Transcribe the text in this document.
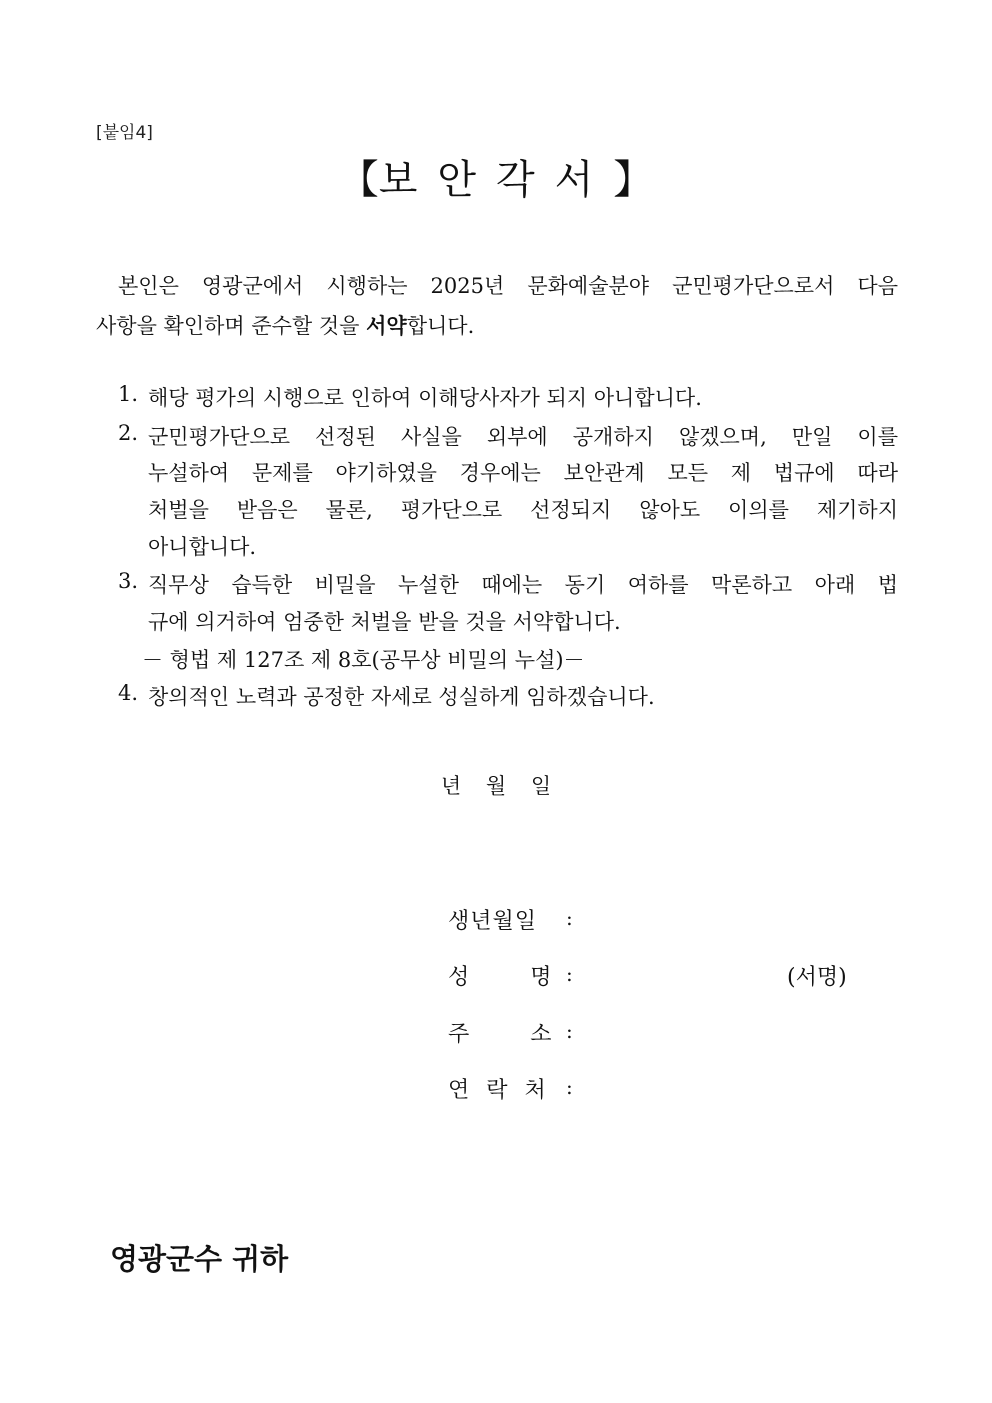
[붙임4]
【보안각서】
본인은 영광군에서 시행하는 2025년 문화예술분야 군민평가단으로서 다음
사항을 확인하며 준수할 것을 서약합니다.
1. 해당 평가의 시행으로 인하여 이해당사자가 되지 아니합니다.
2. 군민평가단으로 선정된 사실을 외부에 공개하지 않겠으며, 만일 이를
누설하여 문제를 야기하였을 경우에는 보안관계 모든 제 법규에 따라
처벌을 받음은 물론, 평가단으로 선정되지 않아도 이의를 제기하지
아니합니다.
3. 직무상 습득한 비밀을 누설한 때에는 동기 여하를 막론하고 아래 법
규에 의거하여 엄중한 처벌을 받을 것을 서약합니다.
－ 형법 제 127조 제 8호(공무상 비밀의 누설)－
4. 창의적인 노력과 공정한 자세로 성실하게 임하겠습니다.
년 월 일
생년월일 :
성 명 :	(서명)
주 소 :
연 락 처 :
영광군수 귀하
